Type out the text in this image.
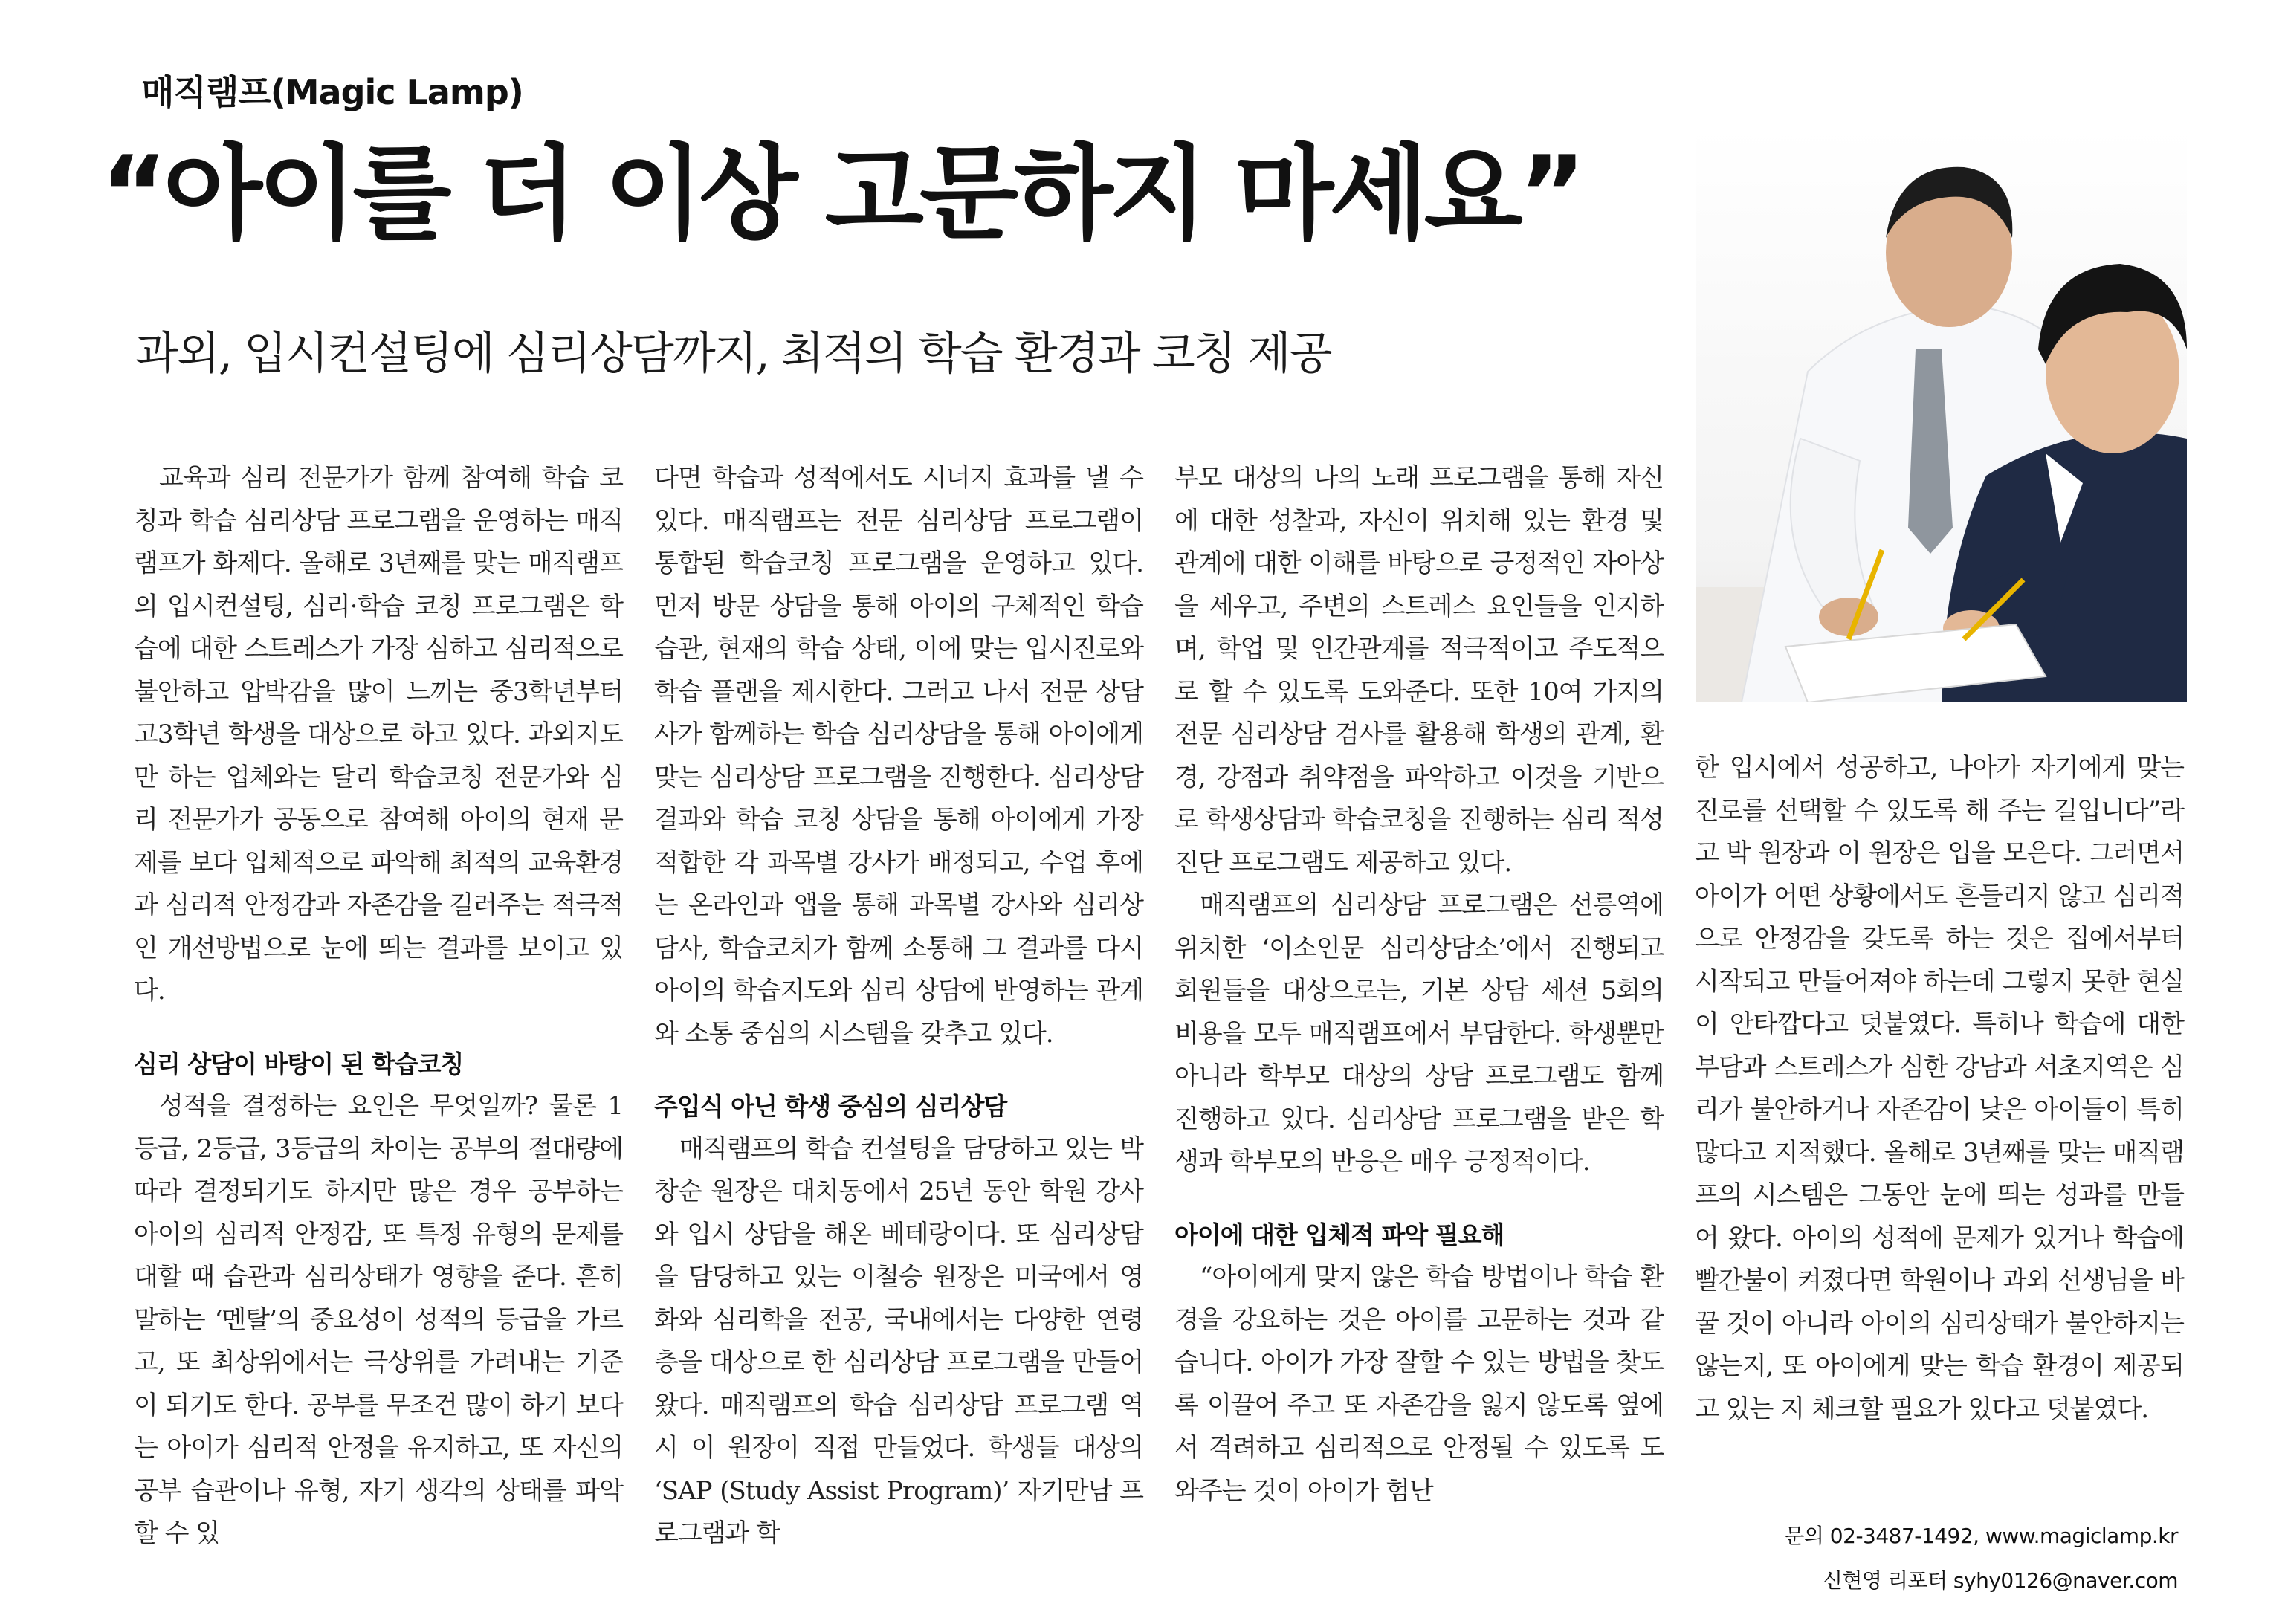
매직램프(Magic Lamp)
“아이를 더 이상 고문하지 마세요”
과외, 입시컨설팅에 심리상담까지, 최적의 학습 환경과 코칭 제공

교육과 심리 전문가가 함께 참여해 학습 코칭과 학습 심리상담 프로그램을 운영하는 매직램프가 화제다. 올해로 3년째를 맞는 매직램프의 입시컨설팅, 심리·학습 코칭 프로그램은 학습에 대한 스트레스가 가장 심하고 심리적으로 불안하고 압박감을 많이 느끼는 중3학년부터 고3학년 학생을 대상으로 하고 있다. 과외지도만 하는 업체와는 달리 학습코칭 전문가와 심리 전문가가 공동으로 참여해 아이의 현재 문제를 보다 입체적으로 파악해 최적의 교육환경과 심리적 안정감과 자존감을 길러주는 적극적인 개선방법으로 눈에 띄는 결과를 보이고 있다.

심리 상담이 바탕이 된 학습코칭

성적을 결정하는 요인은 무엇일까? 물론 1등급, 2등급, 3등급의 차이는 공부의 절대량에 따라 결정되기도 하지만 많은 경우 공부하는 아이의 심리적 안정감, 또 특정 유형의 문제를 대할 때 습관과 심리상태가 영향을 준다. 흔히 말하는 ‘멘탈’의 중요성이 성적의 등급을 가르고, 또 최상위에서는 극상위를 가려내는 기준이 되기도 한다. 공부를 무조건 많이 하기 보다는 아이가 심리적 안정을 유지하고, 또 자신의 공부 습관이나 유형, 자기 생각의 상태를 파악할 수 있

다면 학습과 성적에서도 시너지 효과를 낼 수 있다. 매직램프는 전문 심리상담 프로그램이 통합된 학습코칭 프로그램을 운영하고 있다. 먼저 방문 상담을 통해 아이의 구체적인 학습 습관, 현재의 학습 상태, 이에 맞는 입시진로와 학습 플랜을 제시한다. 그러고 나서 전문 상담사가 함께하는 학습 심리상담을 통해 아이에게 맞는 심리상담 프로그램을 진행한다. 심리상담 결과와 학습 코칭 상담을 통해 아이에게 가장 적합한 각 과목별 강사가 배정되고, 수업 후에는 온라인과 앱을 통해 과목별 강사와 심리상담사, 학습코치가 함께 소통해 그 결과를 다시 아이의 학습지도와 심리 상담에 반영하는 관계와 소통 중심의 시스템을 갖추고 있다.

주입식 아닌 학생 중심의 심리상담

매직램프의 학습 컨설팅을 담당하고 있는 박창순 원장은 대치동에서 25년 동안 학원 강사와 입시 상담을 해온 베테랑이다. 또 심리상담을 담당하고 있는 이철승 원장은 미국에서 영화와 심리학을 전공, 국내에서는 다양한 연령층을 대상으로 한 심리상담 프로그램을 만들어 왔다. 매직램프의 학습 심리상담 프로그램 역시 이 원장이 직접 만들었다. 학생들 대상의 ‘SAP (Study Assist Program)’ 자기만남 프로그램과 학

부모 대상의 나의 노래 프로그램을 통해 자신에 대한 성찰과, 자신이 위치해 있는 환경 및 관계에 대한 이해를 바탕으로 긍정적인 자아상을 세우고, 주변의 스트레스 요인들을 인지하며, 학업 및 인간관계를 적극적이고 주도적으로 할 수 있도록 도와준다. 또한 10여 가지의 전문 심리상담 검사를 활용해 학생의 관계, 환경, 강점과 취약점을 파악하고 이것을 기반으로 학생상담과 학습코칭을 진행하는 심리 적성 진단 프로그램도 제공하고 있다.

매직램프의 심리상담 프로그램은 선릉역에 위치한 ‘이소인문 심리상담소’에서 진행되고 회원들을 대상으로는, 기본 상담 세션 5회의 비용을 모두 매직램프에서 부담한다. 학생뿐만 아니라 학부모 대상의 상담 프로그램도 함께 진행하고 있다. 심리상담 프로그램을 받은 학생과 학부모의 반응은 매우 긍정적이다.

아이에 대한 입체적 파악 필요해

“아이에게 맞지 않은 학습 방법이나 학습 환경을 강요하는 것은 아이를 고문하는 것과 같습니다. 아이가 가장 잘할 수 있는 방법을 찾도록 이끌어 주고 또 자존감을 잃지 않도록 옆에서 격려하고 심리적으로 안정될 수 있도록 도와주는 것이 아이가 험난

한 입시에서 성공하고, 나아가 자기에게 맞는 진로를 선택할 수 있도록 해 주는 길입니다”라고 박 원장과 이 원장은 입을 모은다. 그러면서 아이가 어떤 상황에서도 흔들리지 않고 심리적으로 안정감을 갖도록 하는 것은 집에서부터 시작되고 만들어져야 하는데 그렇지 못한 현실이 안타깝다고 덧붙였다. 특히나 학습에 대한 부담과 스트레스가 심한 강남과 서초지역은 심리가 불안하거나 자존감이 낮은 아이들이 특히 많다고 지적했다. 올해로 3년째를 맞는 매직램프의 시스템은 그동안 눈에 띄는 성과를 만들어 왔다. 아이의 성적에 문제가 있거나 학습에 빨간불이 켜졌다면 학원이나 과외 선생님을 바꿀 것이 아니라 아이의 심리상태가 불안하지는 않는지, 또 아이에게 맞는 학습 환경이 제공되고 있는 지 체크할 필요가 있다고 덧붙였다.

문의 02-3487-1492, www.magiclamp.kr
신현영 리포터 syhy0126@naver.com
